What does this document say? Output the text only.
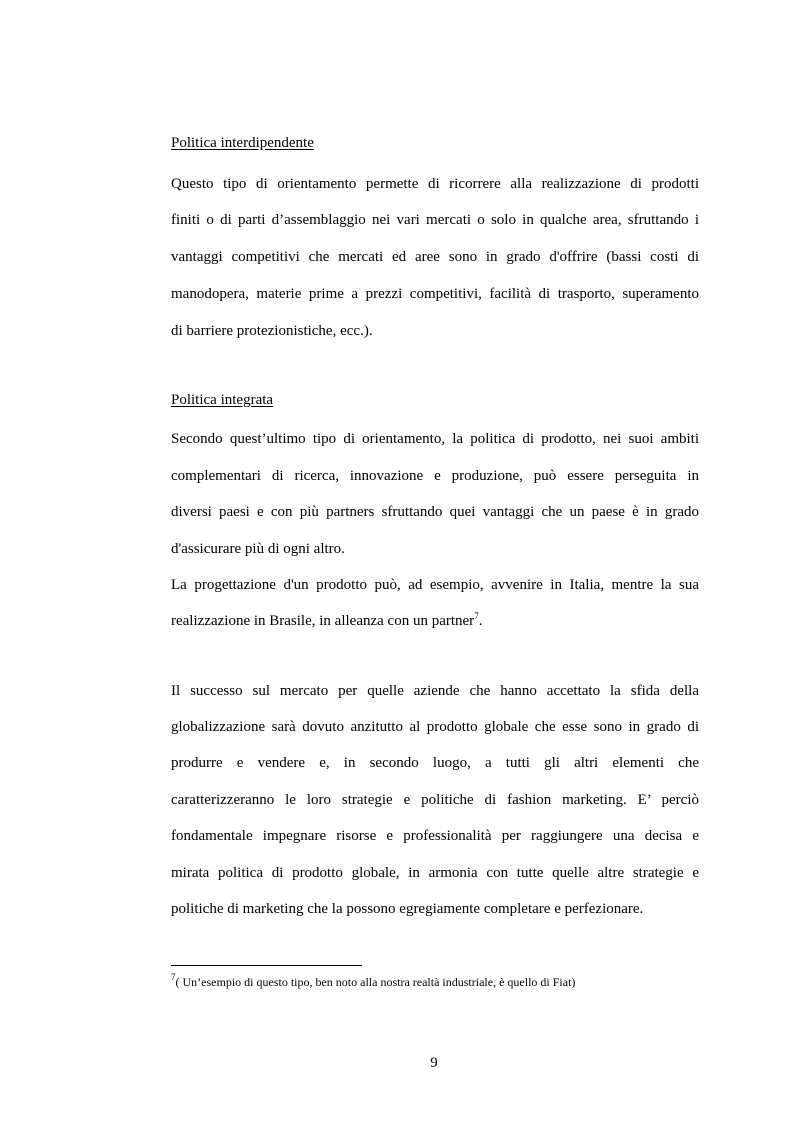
Politica interdipendente
Questo tipo di orientamento permette di ricorrere alla realizzazione di prodotti
finiti o di parti d’assemblaggio nei vari mercati o solo in qualche area, sfruttando i
vantaggi competitivi che mercati ed aree sono in grado d'offrire (bassi costi di
manodopera, materie prime a prezzi competitivi, facilità di trasporto, superamento
di barriere protezionistiche, ecc.).
Politica integrata
Secondo quest’ultimo tipo di orientamento, la politica di prodotto, nei suoi ambiti
complementari di ricerca, innovazione e produzione, può essere perseguita in
diversi paesi e con più partners sfruttando quei vantaggi che un paese è in grado
d'assicurare più di ogni altro.
La progettazione d'un prodotto può, ad esempio, avvenire in Italia, mentre la sua
realizzazione in Brasile, in alleanza con un partner$^7$.
Il successo sul mercato per quelle aziende che hanno accettato la sfida della
globalizzazione sarà dovuto anzitutto al prodotto globale che esse sono in grado di
produrre e vendere e, in secondo luogo, a tutti gli altri elementi che
caratterizzeranno le loro strategie e politiche di fashion marketing. E’ perciò
fondamentale impegnare risorse e professionalità per raggiungere una decisa e
mirata politica di prodotto globale, in armonia con tutte quelle altre strategie e
politiche di marketing che la possono egregiamente completare e perfezionare.
$^7$( Un’esempio di questo tipo, ben noto alla nostra realtà industriale, è quello di Fiat)
9
